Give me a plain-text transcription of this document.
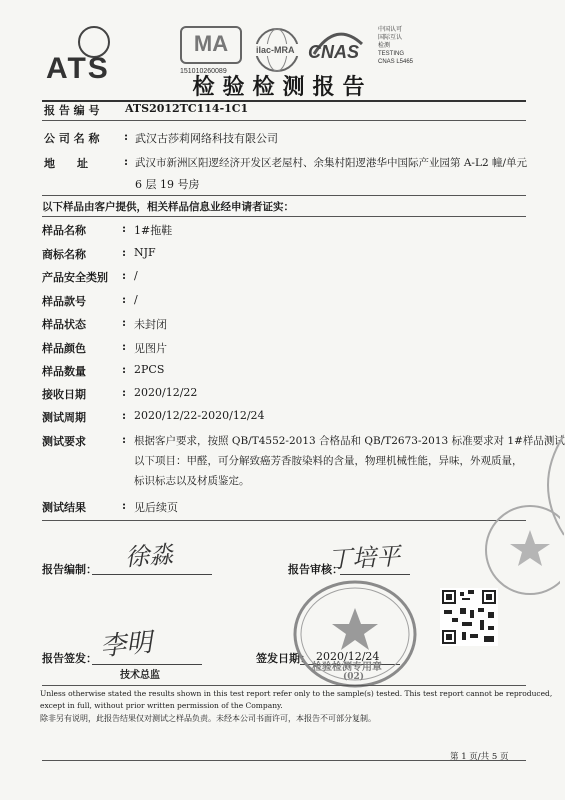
ATS
MA
151010260089
ilac-MRA CNAS
中国认可
国际互认
检测
TESTING
CNAS L5465
检验检测报告
报 告 编 号 ATS2012TC114-1C1
公 司 名 称 : 武汉古莎莉网络科技有限公司
地　　址	: 武汉市新洲区阳逻经济开发区老屋村、余集村阳逻港华中国际产业园第 A-L2 幢/单元
6 层 19 号房
以下样品由客户提供，相关样品信息业经申请者证实：
样品名称	: 1#拖鞋
商标名称	: NJF
产品安全类别 : /
样品款号	: /
样品状态	: 未封闭
样品颜色	: 见图片
样品数量	: 2PCS
接收日期	: 2020/12/22
测试周期	: 2020/12/22-2020/12/24
测试要求	: 根据客户要求，按照 QB/T4552-2013 合格品和 QB/T2673-2013 标准要求对 1#样品测试
以下项目：甲醛，可分解致癌芳香胺染料的含量，物理机械性能，异味，外观质量，
标识标志以及材质鉴定。
测试结果	: 见后续页
报告编制： 徐淼	报告审核：
丁培平
报告签发： 李明
技术总监
签发日期： 2020/12/24
检验检测专用章
(02)
Unless otherwise stated the results shown in this test report refer only to the sample(s) tested. This test report cannot be reproduced,
except in full, without prior written permission of the Company.
除非另有说明，此报告结果仅对测试之样品负责。未经本公司书面许可，本报告不可部分复制。
第 1 页/共 5 页
